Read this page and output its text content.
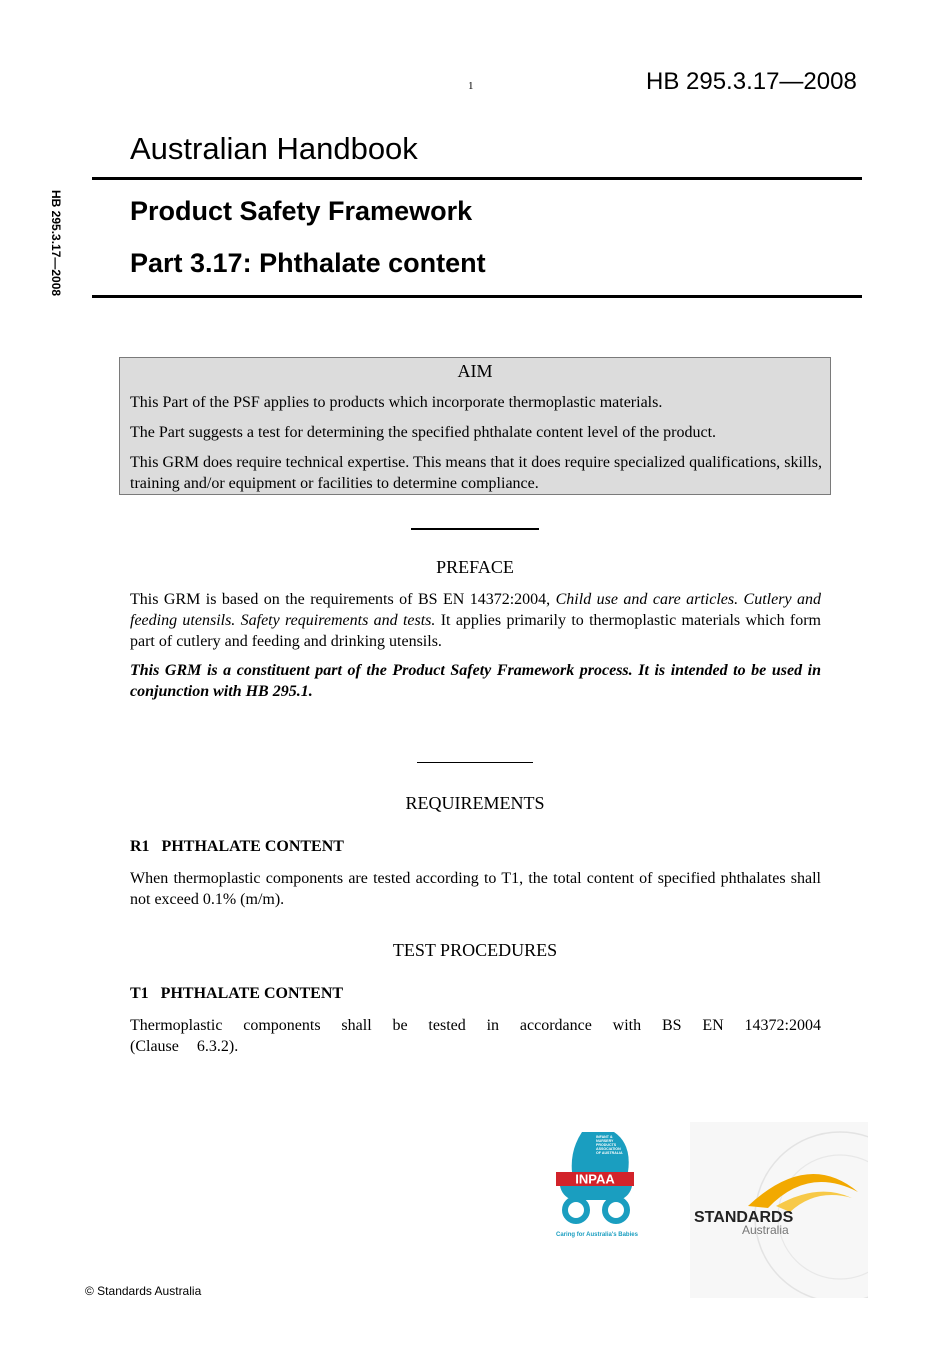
1	HB 295.3.17—2008
HB 295.3.17—2008
Australian Handbook
Product Safety Framework
Part 3.17: Phthalate content
AIM
This Part of the PSF applies to products which incorporate thermoplastic materials.
The Part suggests a test for determining the specified phthalate content level of the product.
This GRM does require technical expertise. This means that it does require specialized qualifications, skills, training and/or equipment or facilities to determine compliance.
PREFACE
This GRM is based on the requirements of BS EN 14372:2004, Child use and care articles. Cutlery and feeding utensils. Safety requirements and tests. It applies primarily to thermoplastic materials which form part of cutlery and feeding and drinking utensils.
This GRM is a constituent part of the Product Safety Framework process. It is intended to be used in conjunction with HB 295.1.
REQUIREMENTS
R1   PHTHALATE CONTENT
When thermoplastic components are tested according to T1, the total content of specified phthalates shall not exceed 0.1% (m/m).
TEST PROCEDURES
T1   PHTHALATE CONTENT
Thermoplastic components shall be tested in accordance with BS EN 14372:2004 (Clause 6.3.2).
INFANT & NURSERY PRODUCTS ASSOCIATION OF AUSTRALIA
INPAA
Caring for Australia's Babies
STANDARDS
Australia
© Standards Australia
